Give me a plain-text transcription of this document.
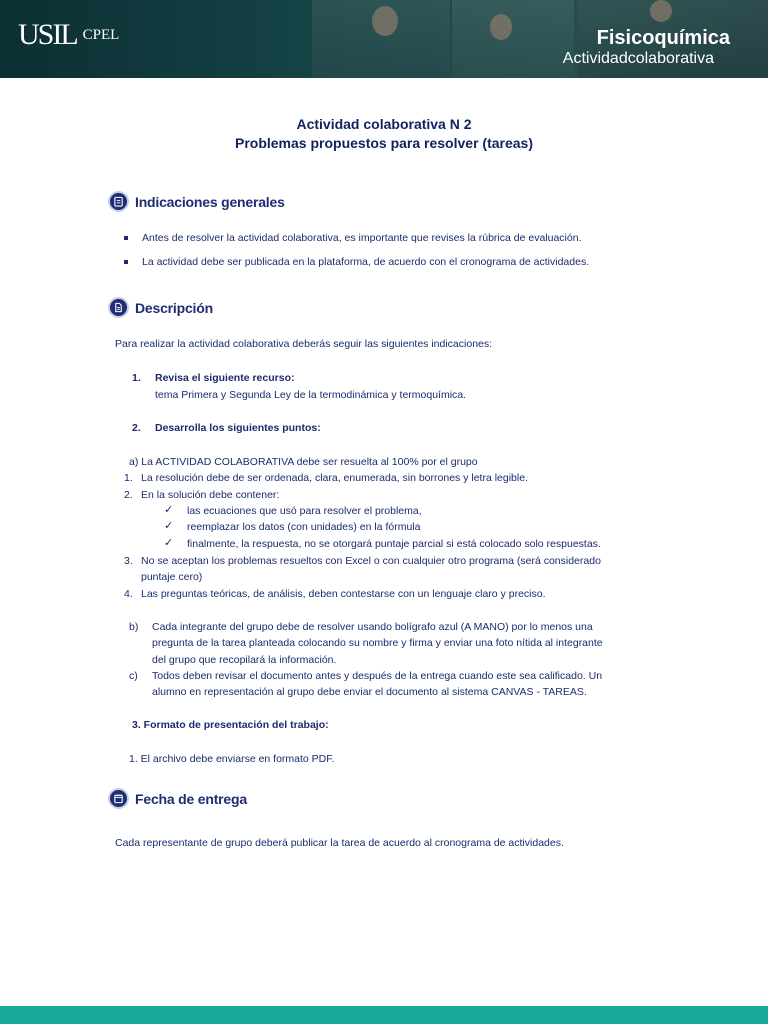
USIL CPEL	Fisicoquímica
Actividadcolaborativa
Actividad colaborativa N 2
Problemas propuestos para resolver (tareas)
Indicaciones generales
Antes de resolver la actividad colaborativa, es importante que revises la rúbrica de evaluación.
La actividad debe ser publicada en la plataforma, de acuerdo con el cronograma de actividades.
Descripción
Para realizar la actividad colaborativa deberás seguir las siguientes indicaciones:
1. Revisa el siguiente recurso:
tema Primera y Segunda Ley de la termodinámica y termoquímica.
2. Desarrolla los siguientes puntos:
a) La ACTIVIDAD COLABORATIVA debe ser resuelta al 100% por el grupo
1. La resolución debe de ser ordenada, clara, enumerada, sin borrones y letra legible.
2. En la solución debe contener:
✓ las ecuaciones que usó para resolver el problema,
✓ reemplazar los datos (con unidades) en la fórmula
✓ finalmente, la respuesta, no se otorgará puntaje parcial si está colocado solo respuestas.
3. No se aceptan los problemas resueltos con Excel o con cualquier otro programa (será considerado
puntaje cero)
4. Las preguntas teóricas, de análisis, deben contestarse con un lenguaje claro y preciso.
b) Cada integrante del grupo debe de resolver usando bolígrafo azul (A MANO) por lo menos una
pregunta de la tarea planteada colocando su nombre y firma y enviar una foto nítida al integrante
del grupo que recopilará la información.
c) Todos deben revisar el documento antes y después de la entrega cuando este sea calificado. Un
alumno en representación al grupo debe enviar el documento al sistema CANVAS - TAREAS.
3. Formato de presentación del trabajo:
1. El archivo debe enviarse en formato PDF.
Fecha de entrega
Cada representante de grupo deberá publicar la tarea de acuerdo al cronograma de actividades.
